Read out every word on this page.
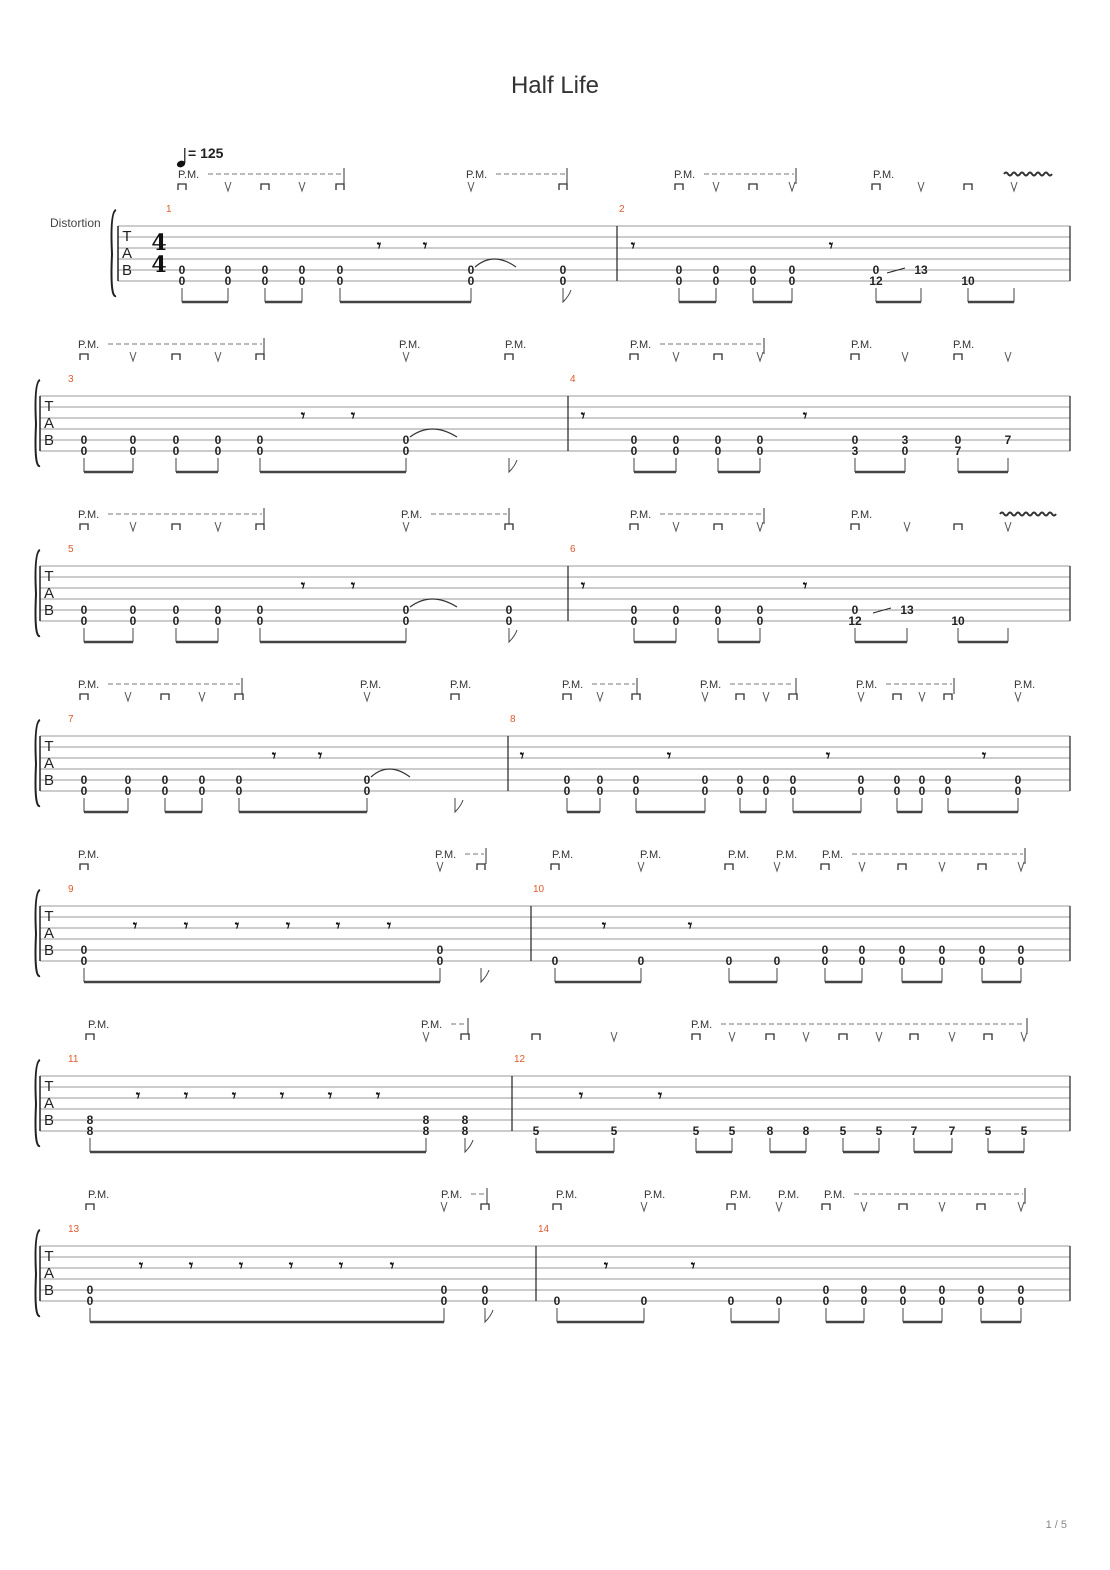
Half Life
Distortion
= 125
1 / 5
T
A
B
4
4
1	2
0
0
0
0
0
0
0
0
0
0
0
0
0
0
𝄾	𝄾
P.M.	P.M.
0
0
0
0
0
0
0
0
0
12
13
10
𝄾	𝄾
P.M.	P.M.
T
A
B
3	4
0
0
0
0
0
0
0
0
0
0
0
0
𝄾	𝄾
P.M.	P.M.	P.M.
0
0
0
0
0
0
0
0
0
3
3
0
0
7
7
𝄾	𝄾
P.M.	P.M.	P.M.
T
A
B
5	6
0
0
0
0
0
0
0
0
0
0
0
0
0
0
𝄾	𝄾
P.M.	P.M.
0
0
0
0
0
0
0
0
0
12
13
10
𝄾	𝄾
P.M.	P.M.
T
A
B
7	8
0
0
0
0
0
0
0
0
0
0
0
0
𝄾	𝄾
P.M.	P.M.	P.M.
0
0
0
0
0
0
0
0
0
0
0
0
0
0
0
0
0
0
0
0
0
0
0
0
𝄾	𝄾	𝄾	𝄾
P.M.	P.M.	P.M.	P.M.
T
A
B
9	10
0
0
0
0
𝄾	𝄾	𝄾	𝄾	𝄾	𝄾
P.M.	P.M.
0	0	0	0
0
0
0
0
0
0
0
0
0
0
0
0
𝄾	𝄾
P.M.	P.M.	P.M. P.M. P.M.
T
A
B
11	12
8
8
8
8
8
8
𝄾	𝄾	𝄾	𝄾	𝄾	𝄾
P.M.	P.M.
5	5	5 5	8 8	5 5 7	7 5 5
𝄾	𝄾
P.M.
T
A
B
13	14
0
0
0
0
0
0
𝄾	𝄾	𝄾	𝄾	𝄾	𝄾
P.M.	P.M.
0	0	0	0
0
0
0
0
0
0
0
0
0
0
0
0
𝄾	𝄾
P.M.	P.M.	P.M. P.M. P.M.
